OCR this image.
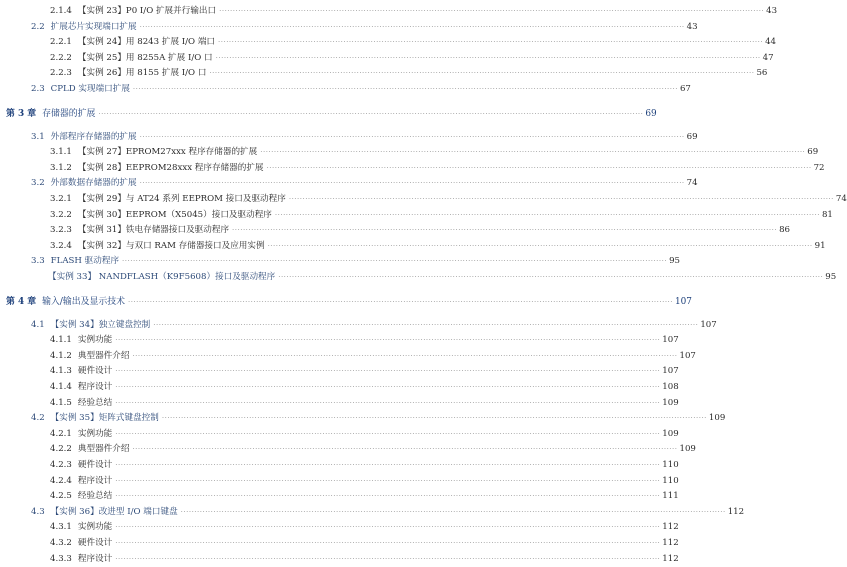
2.1.4 【实例 23】P0 I/O 扩展并行输出口 ········································································································································································································ 43
2.2 扩展芯片实现端口扩展 ········································································································································································································ 43
2.2.1 【实例 24】用 8243 扩展 I/O 端口 ········································································································································································································ 44
2.2.2 【实例 25】用 8255A 扩展 I/O 口 ········································································································································································································ 47
2.2.3 【实例 26】用 8155 扩展 I/O 口 ········································································································································································································ 56
2.3 CPLD 实现端口扩展 ········································································································································································································ 67
第 3 章 存储器的扩展 ········································································································································································································ 69
3.1 外部程序存储器的扩展 ········································································································································································································ 69
3.1.1 【实例 27】EPROM27xxx 程序存储器的扩展 ········································································································································································································ 69
3.1.2 【实例 28】EEPROM28xxx 程序存储器的扩展 ········································································································································································································ 72
3.2 外部数据存储器的扩展 ········································································································································································································ 74
3.2.1 【实例 29】与 AT24 系列 EEPROM 接口及驱动程序 ········································································································································································································ 74
3.2.2 【实例 30】EEPROM（X5045）接口及驱动程序 ········································································································································································································ 81
3.2.3 【实例 31】铁电存储器接口及驱动程序 ········································································································································································································ 86
3.2.4 【实例 32】与双口 RAM 存储器接口及应用实例 ········································································································································································································ 91
3.3 FLASH 驱动程序 ········································································································································································································ 95
【实例 33】 NANDFLASH（K9F5608）接口及驱动程序 ········································································································································································································ 95
第 4 章 输入/输出及显示技术 ········································································································································································································ 107
4.1 【实例 34】独立键盘控制 ········································································································································································································ 107
4.1.1 实例功能 ········································································································································································································ 107
4.1.2 典型器件介绍 ········································································································································································································ 107
4.1.3 硬件设计 ········································································································································································································ 107
4.1.4 程序设计 ········································································································································································································ 108
4.1.5 经验总结 ········································································································································································································ 109
4.2 【实例 35】矩阵式键盘控制 ········································································································································································································ 109
4.2.1 实例功能 ········································································································································································································ 109
4.2.2 典型器件介绍 ········································································································································································································ 109
4.2.3 硬件设计 ········································································································································································································ 110
4.2.4 程序设计 ········································································································································································································ 110
4.2.5 经验总结 ········································································································································································································ 111
4.3 【实例 36】改进型 I/O 端口键盘 ········································································································································································································ 112
4.3.1 实例功能 ········································································································································································································ 112
4.3.2 硬件设计 ········································································································································································································ 112
4.3.3 程序设计 ········································································································································································································ 112
